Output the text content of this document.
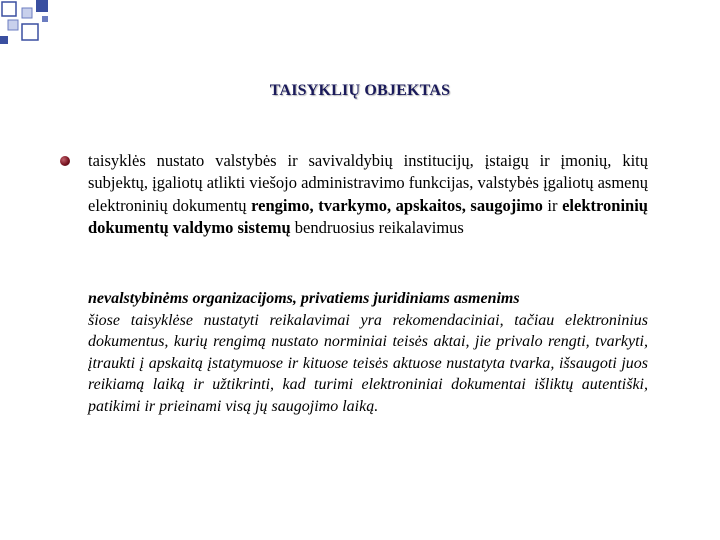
TAISYKLIŲ OBJEKTAS

taisyklės nustato valstybės ir savivaldybių institucijų, įstaigų ir įmonių, kitų subjektų, įgaliotų atlikti viešojo administravimo funkcijas, valstybės įgaliotų asmenų elektroninių dokumentų rengimo, tvarkymo, apskaitos, saugojimo ir elektroninių dokumentų valdymo sistemų bendruosius reikalavimus

nevalstybinėms organizacijoms, privatiems juridiniams asmenims
šiose taisyklėse nustatyti reikalavimai yra rekomendaciniai, tačiau elektroninius dokumentus, kurių rengimą nustato norminiai teisės aktai, jie privalo rengti, tvarkyti, įtraukti į apskaitą įstatymuose ir kituose teisės aktuose nustatyta tvarka, išsaugoti juos reikiamą laiką ir užtikrinti, kad turimi elektroniniai dokumentai išliktų autentiški, patikimi ir prieinami visą jų saugojimo laiką.
